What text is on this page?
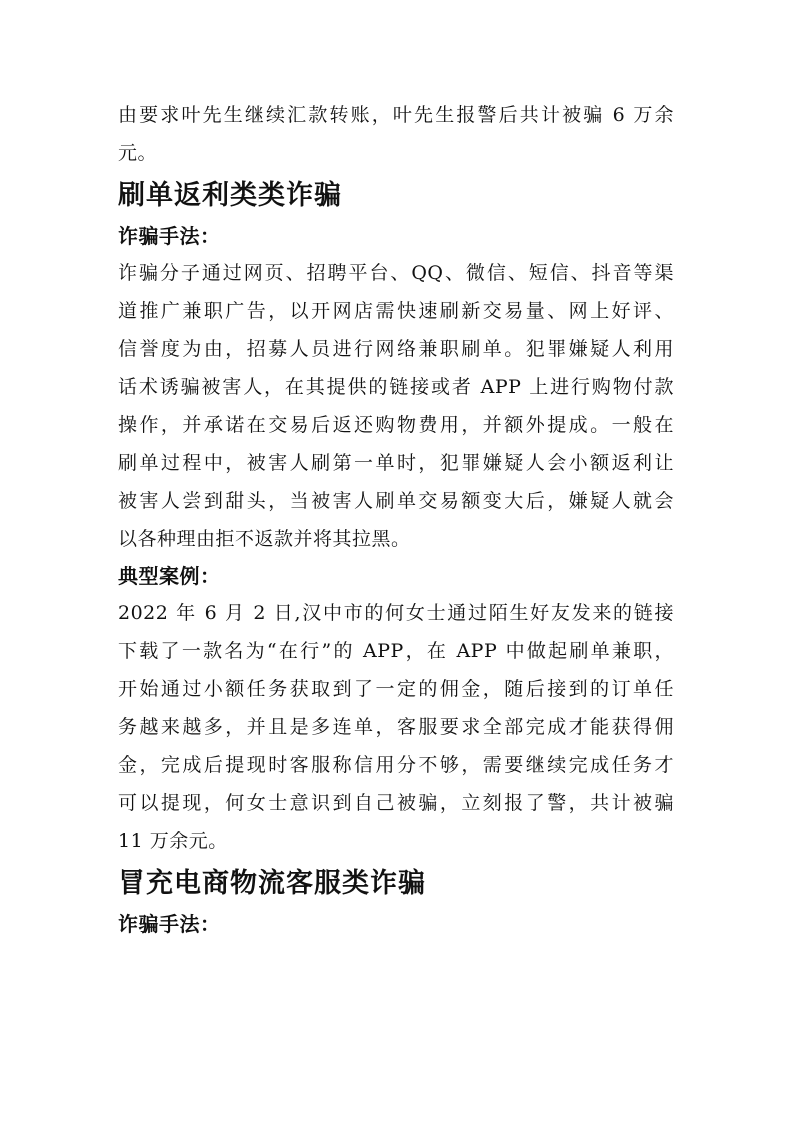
由要求叶先生继续汇款转账，叶先生报警后共计被骗 6 万余
元。
刷单返利类类诈骗
诈骗手法：
诈骗分子通过网页、招聘平台、QQ、微信、短信、抖音等渠
道推广兼职广告，以开网店需快速刷新交易量、网上好评、
信誉度为由，招募人员进行网络兼职刷单。犯罪嫌疑人利用
话术诱骗被害人，在其提供的链接或者 APP 上进行购物付款
操作，并承诺在交易后返还购物费用，并额外提成。一般在
刷单过程中，被害人刷第一单时，犯罪嫌疑人会小额返利让
被害人尝到甜头，当被害人刷单交易额变大后，嫌疑人就会
以各种理由拒不返款并将其拉黑。
典型案例：
2022 年 6 月 2 日,汉中市的何女士通过陌生好友发来的链接
下载了一款名为“在行”的 APP，在 APP 中做起刷单兼职，
开始通过小额任务获取到了一定的佣金，随后接到的订单任
务越来越多，并且是多连单，客服要求全部完成才能获得佣
金，完成后提现时客服称信用分不够，需要继续完成任务才
可以提现，何女士意识到自己被骗，立刻报了警，共计被骗
11 万余元。
冒充电商物流客服类诈骗
诈骗手法：
